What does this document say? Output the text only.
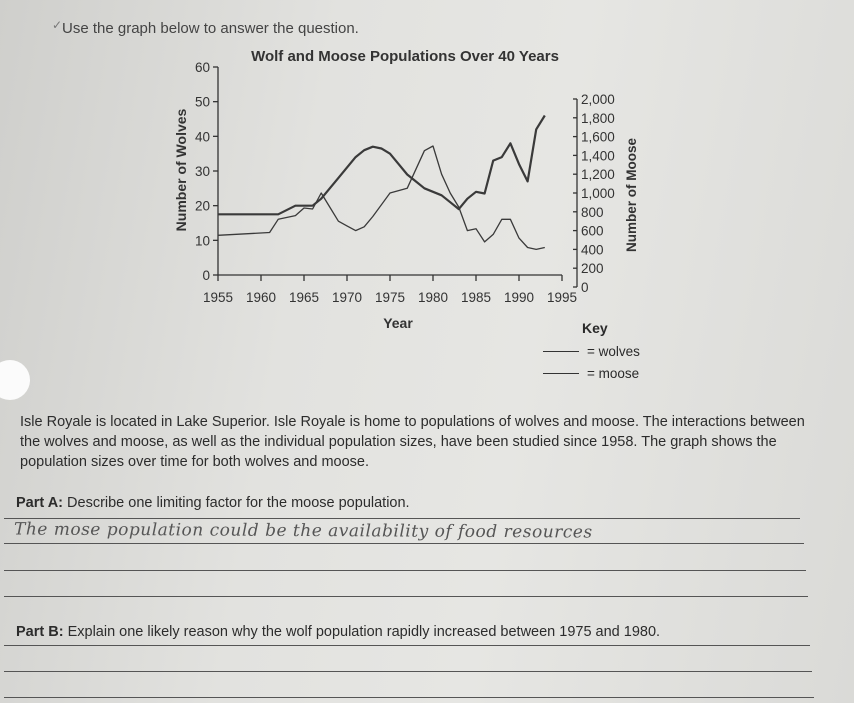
✓.
Use the graph below to answer the question.
Wolf and Moose Populations Over 40 Years
Year
Number of Wolves	Number of Moose
0
10
20
30
40
50
60
0
200
400
600
800
1,000
1,200
1,400
1,600
1,800
2,000
1955 1960 1965 1970 1975 1980 1985 1990 1995
Key
= wolves
= moose
Isle Royale is located in Lake Superior. Isle Royale is home to populations of wolves and moose. The interactions between the wolves and moose, as well as the individual population sizes, have been studied since 1958. The graph shows the population sizes over time for both wolves and moose.
Part A: Describe one limiting factor for the moose population.
The mose population could be the availability of food resources
Part B: Explain one likely reason why the wolf population rapidly increased between 1975 and 1980.
